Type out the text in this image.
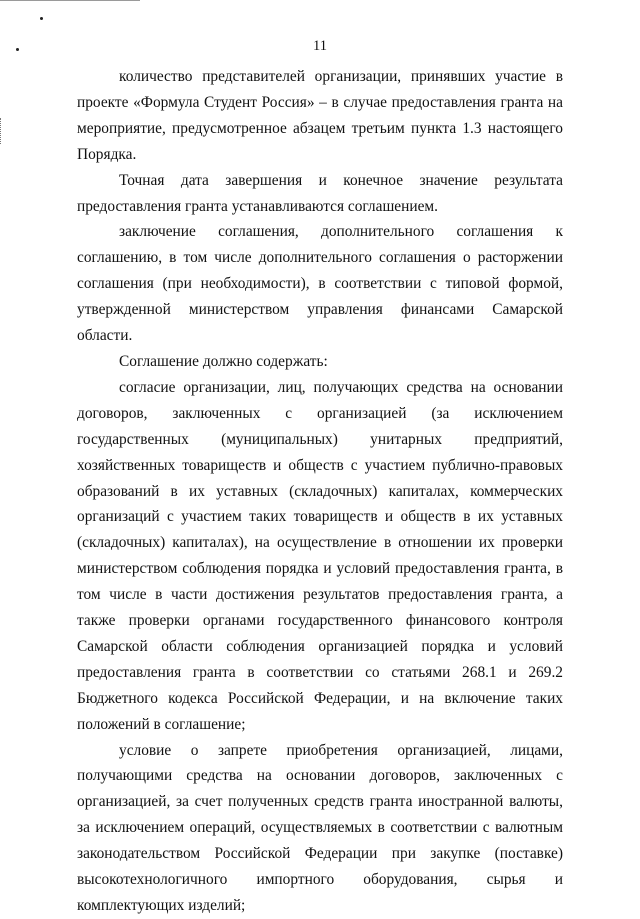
11

количество представителей организации, принявших участие в проекте «Формула Студент Россия» – в случае предоставления гранта на мероприятие, предусмотренное абзацем третьим пункта 1.3 настоящего Порядка.

Точная дата завершения и конечное значение результата предоставления гранта устанавливаются соглашением.

заключение соглашения, дополнительного соглашения к соглашению, в том числе дополнительного соглашения о расторжении соглашения (при необходимости), в соответствии с типовой формой, утвержденной министерством управления финансами Самарской области.

Соглашение должно содержать:

согласие организации, лиц, получающих средства на основании договоров, заключенных с организацией (за исключением государственных (муниципальных) унитарных предприятий, хозяйственных товариществ и обществ с участием публично-правовых образований в их уставных (складочных) капиталах, коммерческих организаций с участием таких товариществ и обществ в их уставных (складочных) капиталах), на осуществление в отношении их проверки министерством соблюдения порядка и условий предоставления гранта, в том числе в части достижения результатов предоставления гранта, а также проверки органами государственного финансового контроля Самарской области соблюдения организацией порядка и условий предоставления гранта в соответствии со статьями 268.1 и 269.2 Бюджетного кодекса Российской Федерации, и на включение таких положений в соглашение;

условие о запрете приобретения организацией, лицами, получающими средства на основании договоров, заключенных с организацией, за счет полученных средств гранта иностранной валюты, за исключением операций, осуществляемых в соответствии с валютным законодательством Российской Федерации при закупке (поставке) высокотехнологичного импортного оборудования, сырья и комплектующих изделий;
